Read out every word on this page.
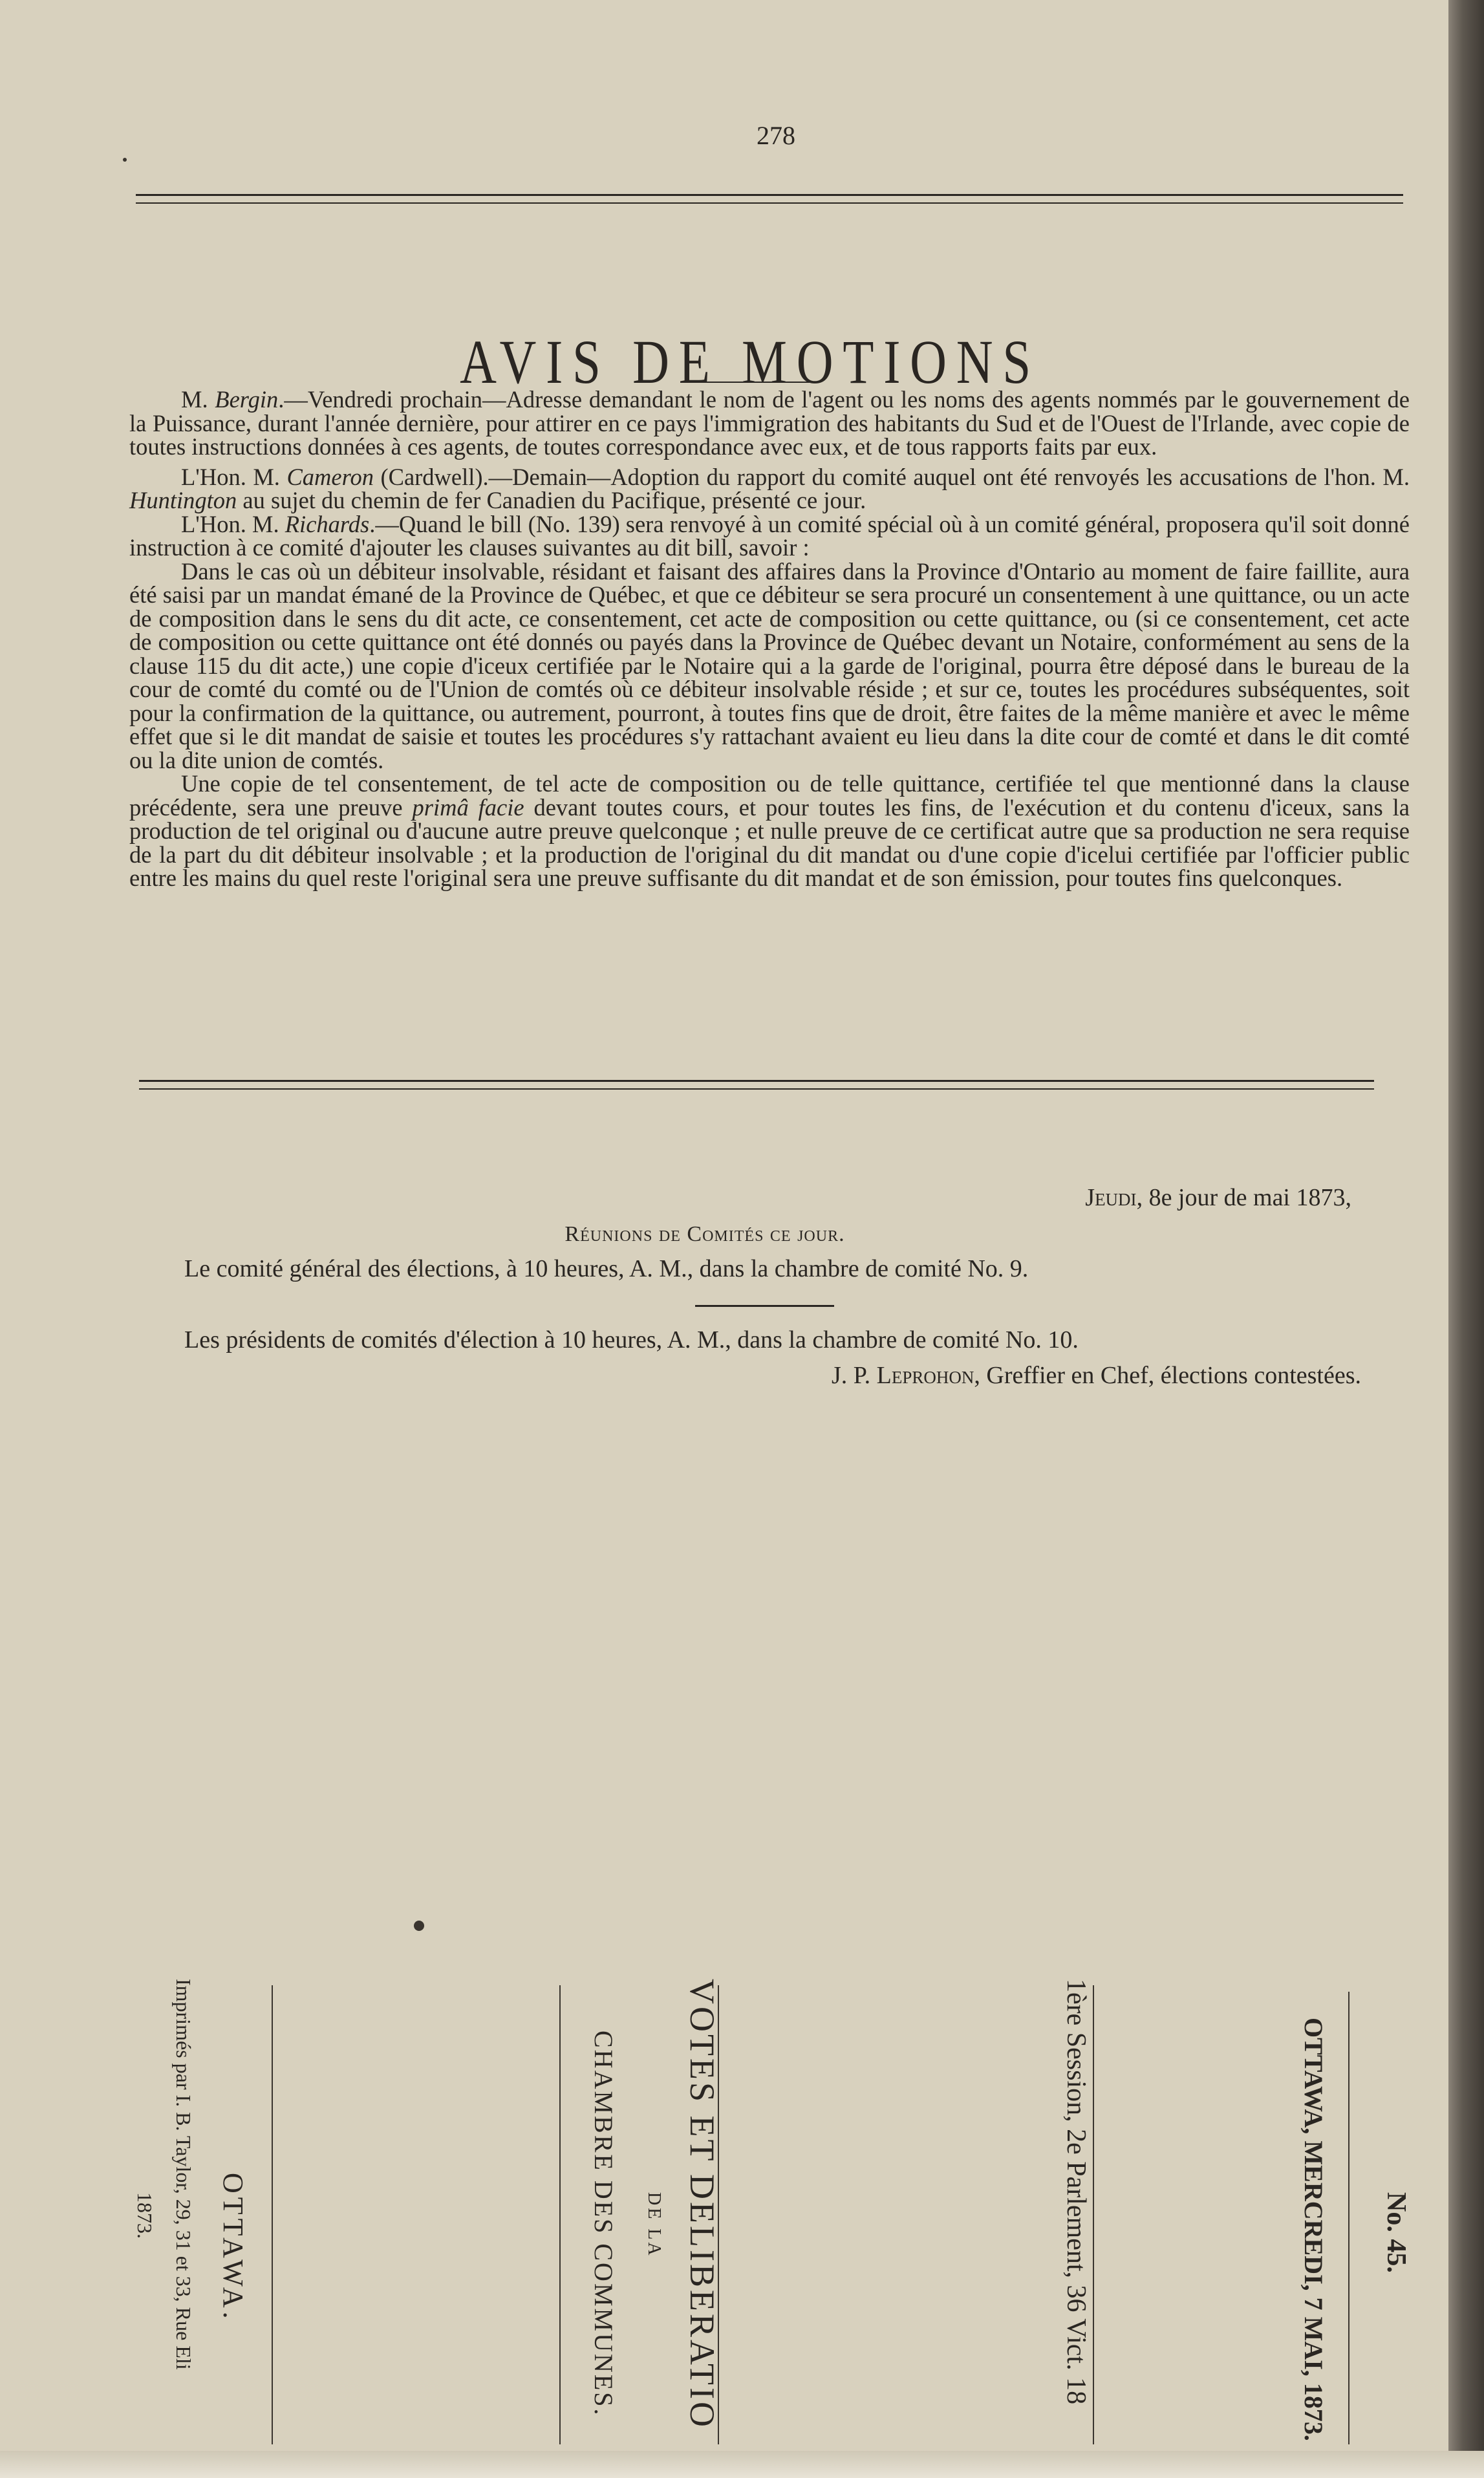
278
AVIS DE MOTIONS

M. Bergin.—Vendredi prochain—Adresse demandant le nom de l'agent ou les noms des agents nommés par le gouvernement de la Puissance, durant l'année dernière, pour attirer en ce pays l'immigration des habitants du Sud et de l'Ouest de l'Irlande, avec copie de toutes instructions données à ces agents, de toutes correspondance avec eux, et de tous rapports faits par eux.

L'Hon. M. Cameron (Cardwell).—Demain—Adoption du rapport du comité auquel ont été renvoyés les accusations de l'hon. M. Huntington au sujet du chemin de fer Canadien du Pacifique, présenté ce jour.

L'Hon. M. Richards.—Quand le bill (No. 139) sera renvoyé à un comité spécial où à un comité général, proposera qu'il soit donné instruction à ce comité d'ajouter les clauses suivantes au dit bill, savoir :

Dans le cas où un débiteur insolvable, résidant et faisant des affaires dans la Province d'Ontario au moment de faire faillite, aura été saisi par un mandat émané de la Province de Québec, et que ce débiteur se sera procuré un consentement à une quittance, ou un acte de composition dans le sens du dit acte, ce consentement, cet acte de composition ou cette quittance, ou (si ce consentement, cet acte de composition ou cette quittance ont été donnés ou payés dans la Province de Québec devant un Notaire, conformément au sens de la clause 115 du dit acte,) une copie d'iceux certifiée par le Notaire qui a la garde de l'original, pourra être déposé dans le bureau de la cour de comté du comté ou de l'Union de comtés où ce débiteur insolvable réside ; et sur ce, toutes les procédures subséquentes, soit pour la confirmation de la quittance, ou autrement, pourront, à toutes fins que de droit, être faites de la même manière et avec le même effet que si le dit mandat de saisie et toutes les procédures s'y rattachant avaient eu lieu dans la dite cour de comté et dans le dit comté ou la dite union de comtés.

Une copie de tel consentement, de tel acte de composition ou de telle quittance, certifiée tel que mentionné dans la clause précédente, sera une preuve primâ facie devant toutes cours, et pour toutes les fins, de l'exécution et du contenu d'iceux, sans la production de tel original ou d'aucune autre preuve quelconque ; et nulle preuve de ce certificat autre que sa production ne sera requise de la part du dit débiteur insolvable ; et la production de l'original du dit mandat ou d'une copie d'icelui certifiée par l'officier public entre les mains du quel reste l'original sera une preuve suffisante du dit mandat et de son émission, pour toutes fins quelconques.

Jeudi, 8e jour de mai 1873,
Réunions de Comités ce jour.
Le comité général des élections, à 10 heures, A. M., dans la chambre de comité No. 9.
Les présidents de comités d'élection à 10 heures, A. M., dans la chambre de comité No. 10.
J. P. Leprohon, Greffier en Chef, élections contestées.
No. 45.
OTTAWA, MERCREDI, 7 MAI, 1873.
1ère Session, 2e Parlement, 36 Vict. 18
VOTES ET DELIBERATIO
DE LA
CHAMBRE DES COMMUNES.
OTTAWA.
Imprimés par I. B. Taylor, 29, 31 et 33, Rue Eli
1873.
